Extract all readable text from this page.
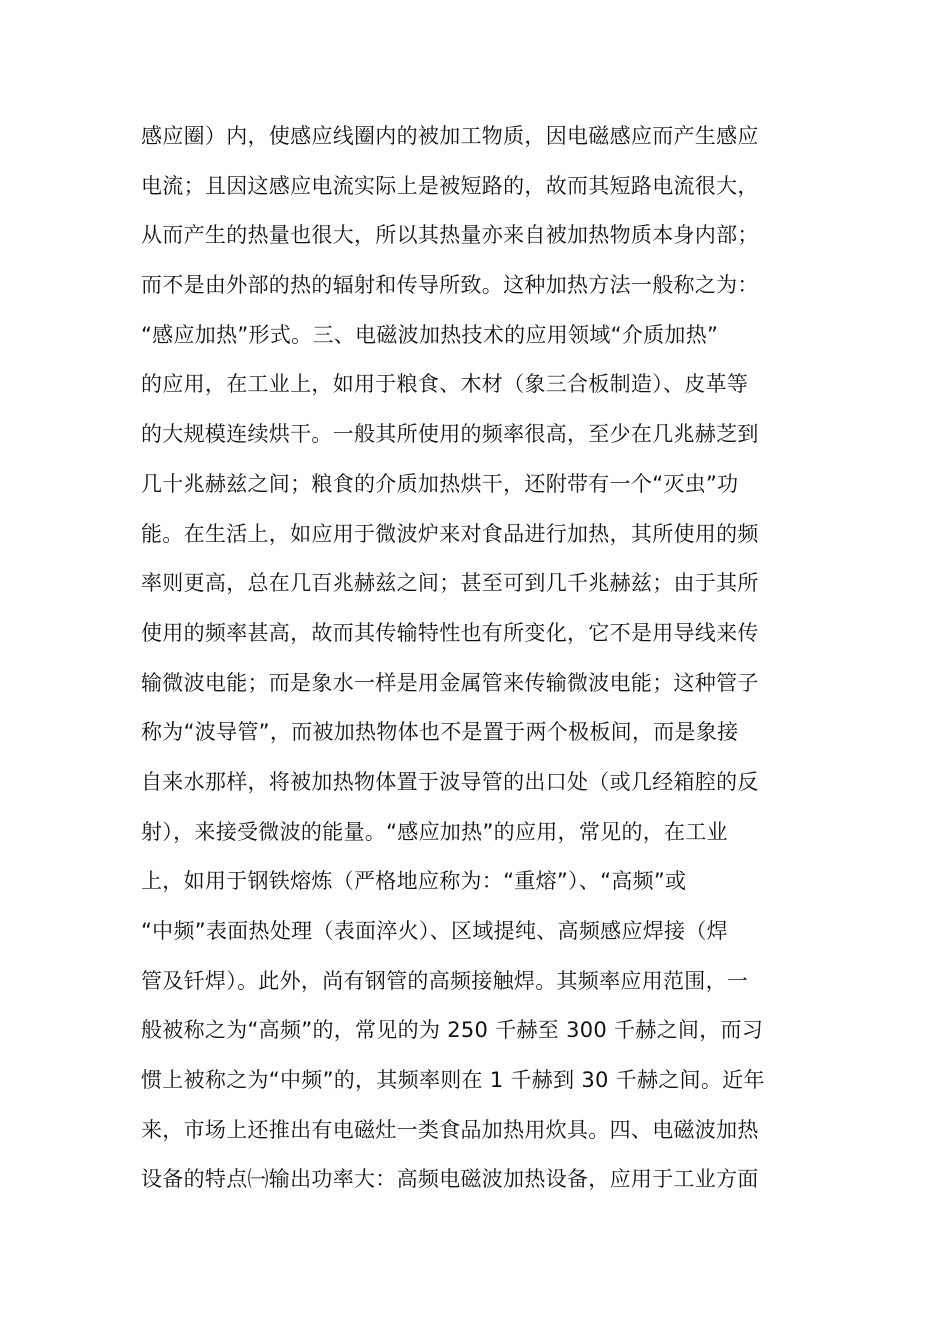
感应圈）内，使感应线圈内的被加工物质，因电磁感应而产生感应
电流；且因这感应电流实际上是被短路的，故而其短路电流很大，
从而产生的热量也很大，所以其热量亦来自被加热物质本身内部；
而不是由外部的热的辐射和传导所致。这种加热方法一般称之为：
“感应加热”形式。三、电磁波加热技术的应用领域“介质加热”
的应用，在工业上，如用于粮食、木材（象三合板制造）、皮革等
的大规模连续烘干。一般其所使用的频率很高，至少在几兆赫芝到
几十兆赫兹之间；粮食的介质加热烘干，还附带有一个“灭虫”功
能。在生活上，如应用于微波炉来对食品进行加热，其所使用的频
率则更高，总在几百兆赫兹之间；甚至可到几千兆赫兹；由于其所
使用的频率甚高，故而其传输特性也有所变化，它不是用导线来传
输微波电能；而是象水一样是用金属管来传输微波电能；这种管子
称为“波导管”，而被加热物体也不是置于两个极板间，而是象接
自来水那样，将被加热物体置于波导管的出口处（或几经箱腔的反
射），来接受微波的能量。“感应加热”的应用，常见的，在工业
上，如用于钢铁熔炼（严格地应称为：“重熔”）、“高频”或
“中频”表面热处理（表面淬火）、区域提纯、高频感应焊接（焊
管及钎焊）。此外，尚有钢管的高频接触焊。其频率应用范围，一
般被称之为“高频”的，常见的为 250 千赫至 300 千赫之间，而习
惯上被称之为“中频”的，其频率则在 1 千赫到 30 千赫之间。近年
来，市场上还推出有电磁灶一类食品加热用炊具。四、电磁波加热
设备的特点㈠输出功率大：高频电磁波加热设备，应用于工业方面
